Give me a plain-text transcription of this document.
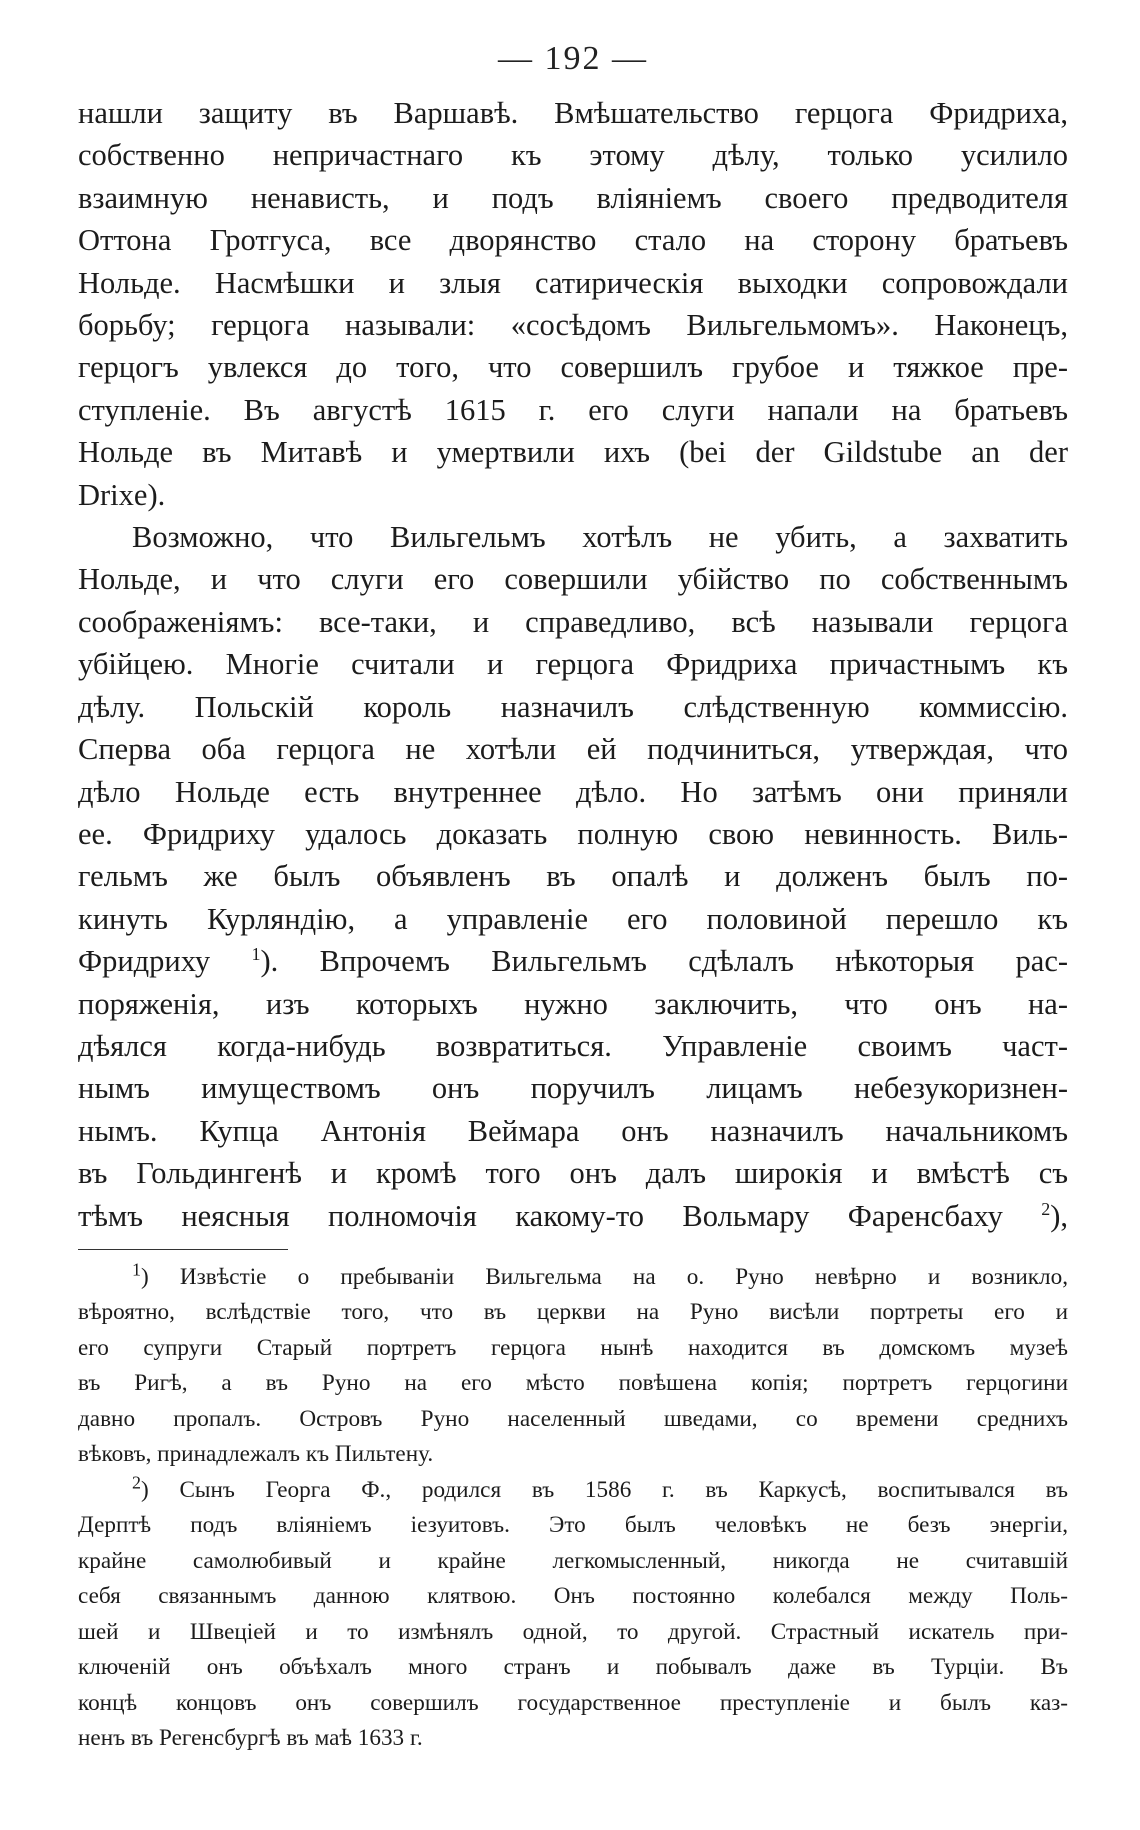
— 192 —

нашли защиту въ Варшавѣ. Вмѣшательство герцога Фридриха,

собственно непричастнаго къ этому дѣлу, только усилило

взаимную ненависть, и подъ вліяніемъ своего предводителя

Оттона Гротгуса, все дворянство стало на сторону братьевъ

Нольде. Насмѣшки и злыя сатирическія выходки сопровождали

борьбу; герцога называли: «сосѣдомъ Вильгельмомъ». Наконецъ,

герцогъ увлекся до того, что совершилъ грубое и тяжкое пре-

ступленіе. Въ августѣ 1615 г. его слуги напали на братьевъ

Нольде въ Митавѣ и умертвили ихъ (bei der Gildstube an der

Drixe).

Возможно, что Вильгельмъ хотѣлъ не убить, а захватить

Нольде, и что слуги его совершили убійство по собственнымъ

соображеніямъ: все-таки, и справедливо, всѣ называли герцога

убійцею. Многіе считали и герцога Фридриха причастнымъ къ

дѣлу. Польскій король назначилъ слѣдственную коммиссію.

Сперва оба герцога не хотѣли ей подчиниться, утверждая, что

дѣло Нольде есть внутреннее дѣло. Но затѣмъ они приняли

ее. Фридриху удалось доказать полную свою невинность. Виль-

гельмъ же былъ объявленъ въ опалѣ и долженъ былъ по-

кинуть Курляндію, а управленіе его половиной перешло къ

Фридриху $^1$). Впрочемъ Вильгельмъ сдѣлалъ нѣкоторыя рас-

поряженія, изъ которыхъ нужно заключить, что онъ на-

дѣялся когда-нибудь возвратиться. Управленіе своимъ част-

нымъ имуществомъ онъ поручилъ лицамъ небезукоризнен-

нымъ. Купца Антонія Веймара онъ назначилъ начальникомъ

въ Гольдингенѣ и кромѣ того онъ далъ широкія и вмѣстѣ съ

тѣмъ неясныя полномочія какому-то Вольмару Фаренсбаху $^2$),

$^1$) Извѣстіе о пребываніи Вильгельма на о. Руно невѣрно и возникло,

вѣроятно, вслѣдствіе того, что въ церкви на Руно висѣли портреты его и

его супруги Старый портретъ герцога нынѣ находится въ домскомъ музеѣ

въ Ригѣ, а въ Руно на его мѣсто повѣшена копія; портретъ герцогини

давно пропалъ. Островъ Руно населенный шведами, со времени среднихъ

вѣковъ, принадлежалъ къ Пильтену.

$^2$) Сынъ Георга Ф., родился въ 1586 г. въ Каркусѣ, воспитывался въ

Дерптѣ подъ вліяніемъ іезуитовъ. Это былъ человѣкъ не безъ энергіи,

крайне самолюбивый и крайне легкомысленный, никогда не считавшій

себя связаннымъ данною клятвою. Онъ постоянно колебался между Поль-

шей и Швеціей и то измѣнялъ одной, то другой. Страстный искатель при-

ключеній онъ объѣхалъ много странъ и побывалъ даже въ Турціи. Въ

концѣ концовъ онъ совершилъ государственное преступленіе и былъ каз-

ненъ въ Регенсбургѣ въ маѣ 1633 г.
